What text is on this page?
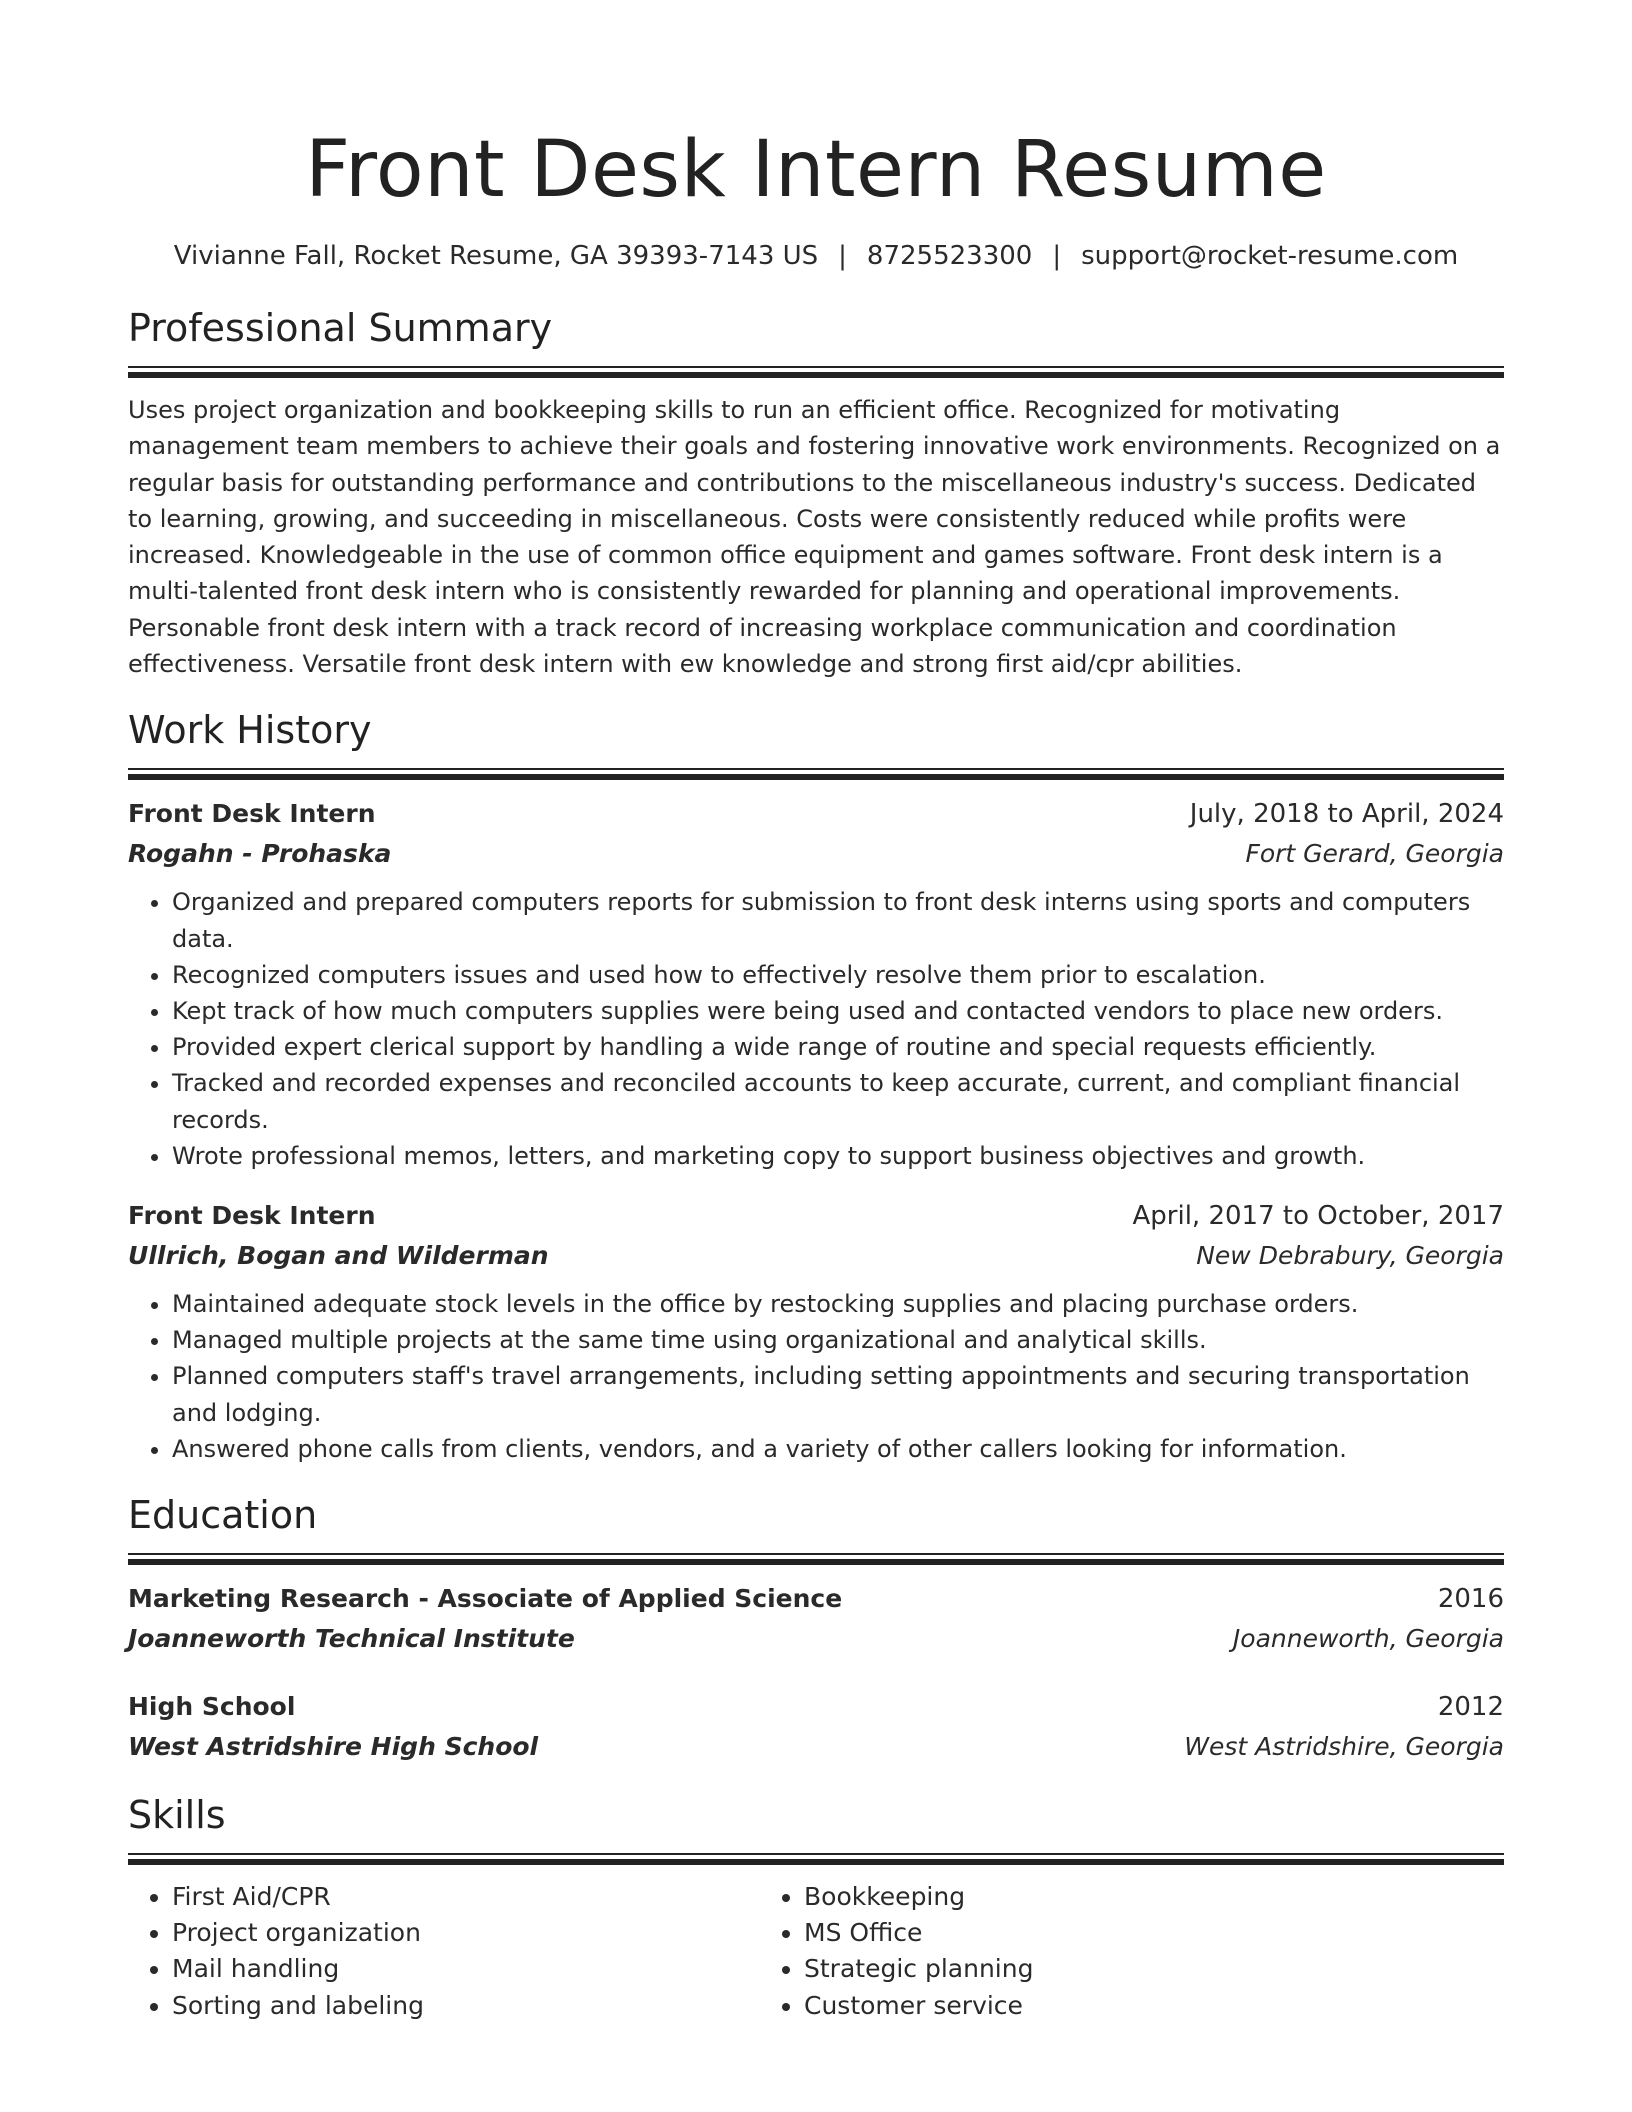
Front Desk Intern Resume
Vivianne Fall, Rocket Resume, GA 39393-7143 US | 8725523300 | support@rocket-resume.com
Professional Summary

Uses project organization and bookkeeping skills to run an efficient office. Recognized for motivating management team members to achieve their goals and fostering innovative work environments. Recognized on a regular basis for outstanding performance and contributions to the miscellaneous industry's success. Dedicated to learning, growing, and succeeding in miscellaneous. Costs were consistently reduced while profits were increased. Knowledgeable in the use of common office equipment and games software. Front desk intern is a multi-talented front desk intern who is consistently rewarded for planning and operational improvements. Personable front desk intern with a track record of increasing workplace communication and coordination effectiveness. Versatile front desk intern with ew knowledge and strong first aid/cpr abilities.

Work History
Front Desk Intern	July, 2018 to April, 2024
Rogahn - Prohaska	Fort Gerard, Georgia
• Organized and prepared computers reports for submission to front desk interns using sports and computers data.
• Recognized computers issues and used how to effectively resolve them prior to escalation.
• Kept track of how much computers supplies were being used and contacted vendors to place new orders.
• Provided expert clerical support by handling a wide range of routine and special requests efficiently.
• Tracked and recorded expenses and reconciled accounts to keep accurate, current, and compliant financial records.
• Wrote professional memos, letters, and marketing copy to support business objectives and growth.
Front Desk Intern	April, 2017 to October, 2017
Ullrich, Bogan and Wilderman	New Debrabury, Georgia
• Maintained adequate stock levels in the office by restocking supplies and placing purchase orders.
• Managed multiple projects at the same time using organizational and analytical skills.
• Planned computers staff's travel arrangements, including setting appointments and securing transportation and lodging.
• Answered phone calls from clients, vendors, and a variety of other callers looking for information.
Education
Marketing Research - Associate of Applied Science	2016
Joanneworth Technical Institute	Joanneworth, Georgia
High School	2012
West Astridshire High School	West Astridshire, Georgia
Skills
• First Aid/CPR
• Project organization
• Mail handling
• Sorting and labeling
• Bookkeeping
• MS Office
• Strategic planning
• Customer service
